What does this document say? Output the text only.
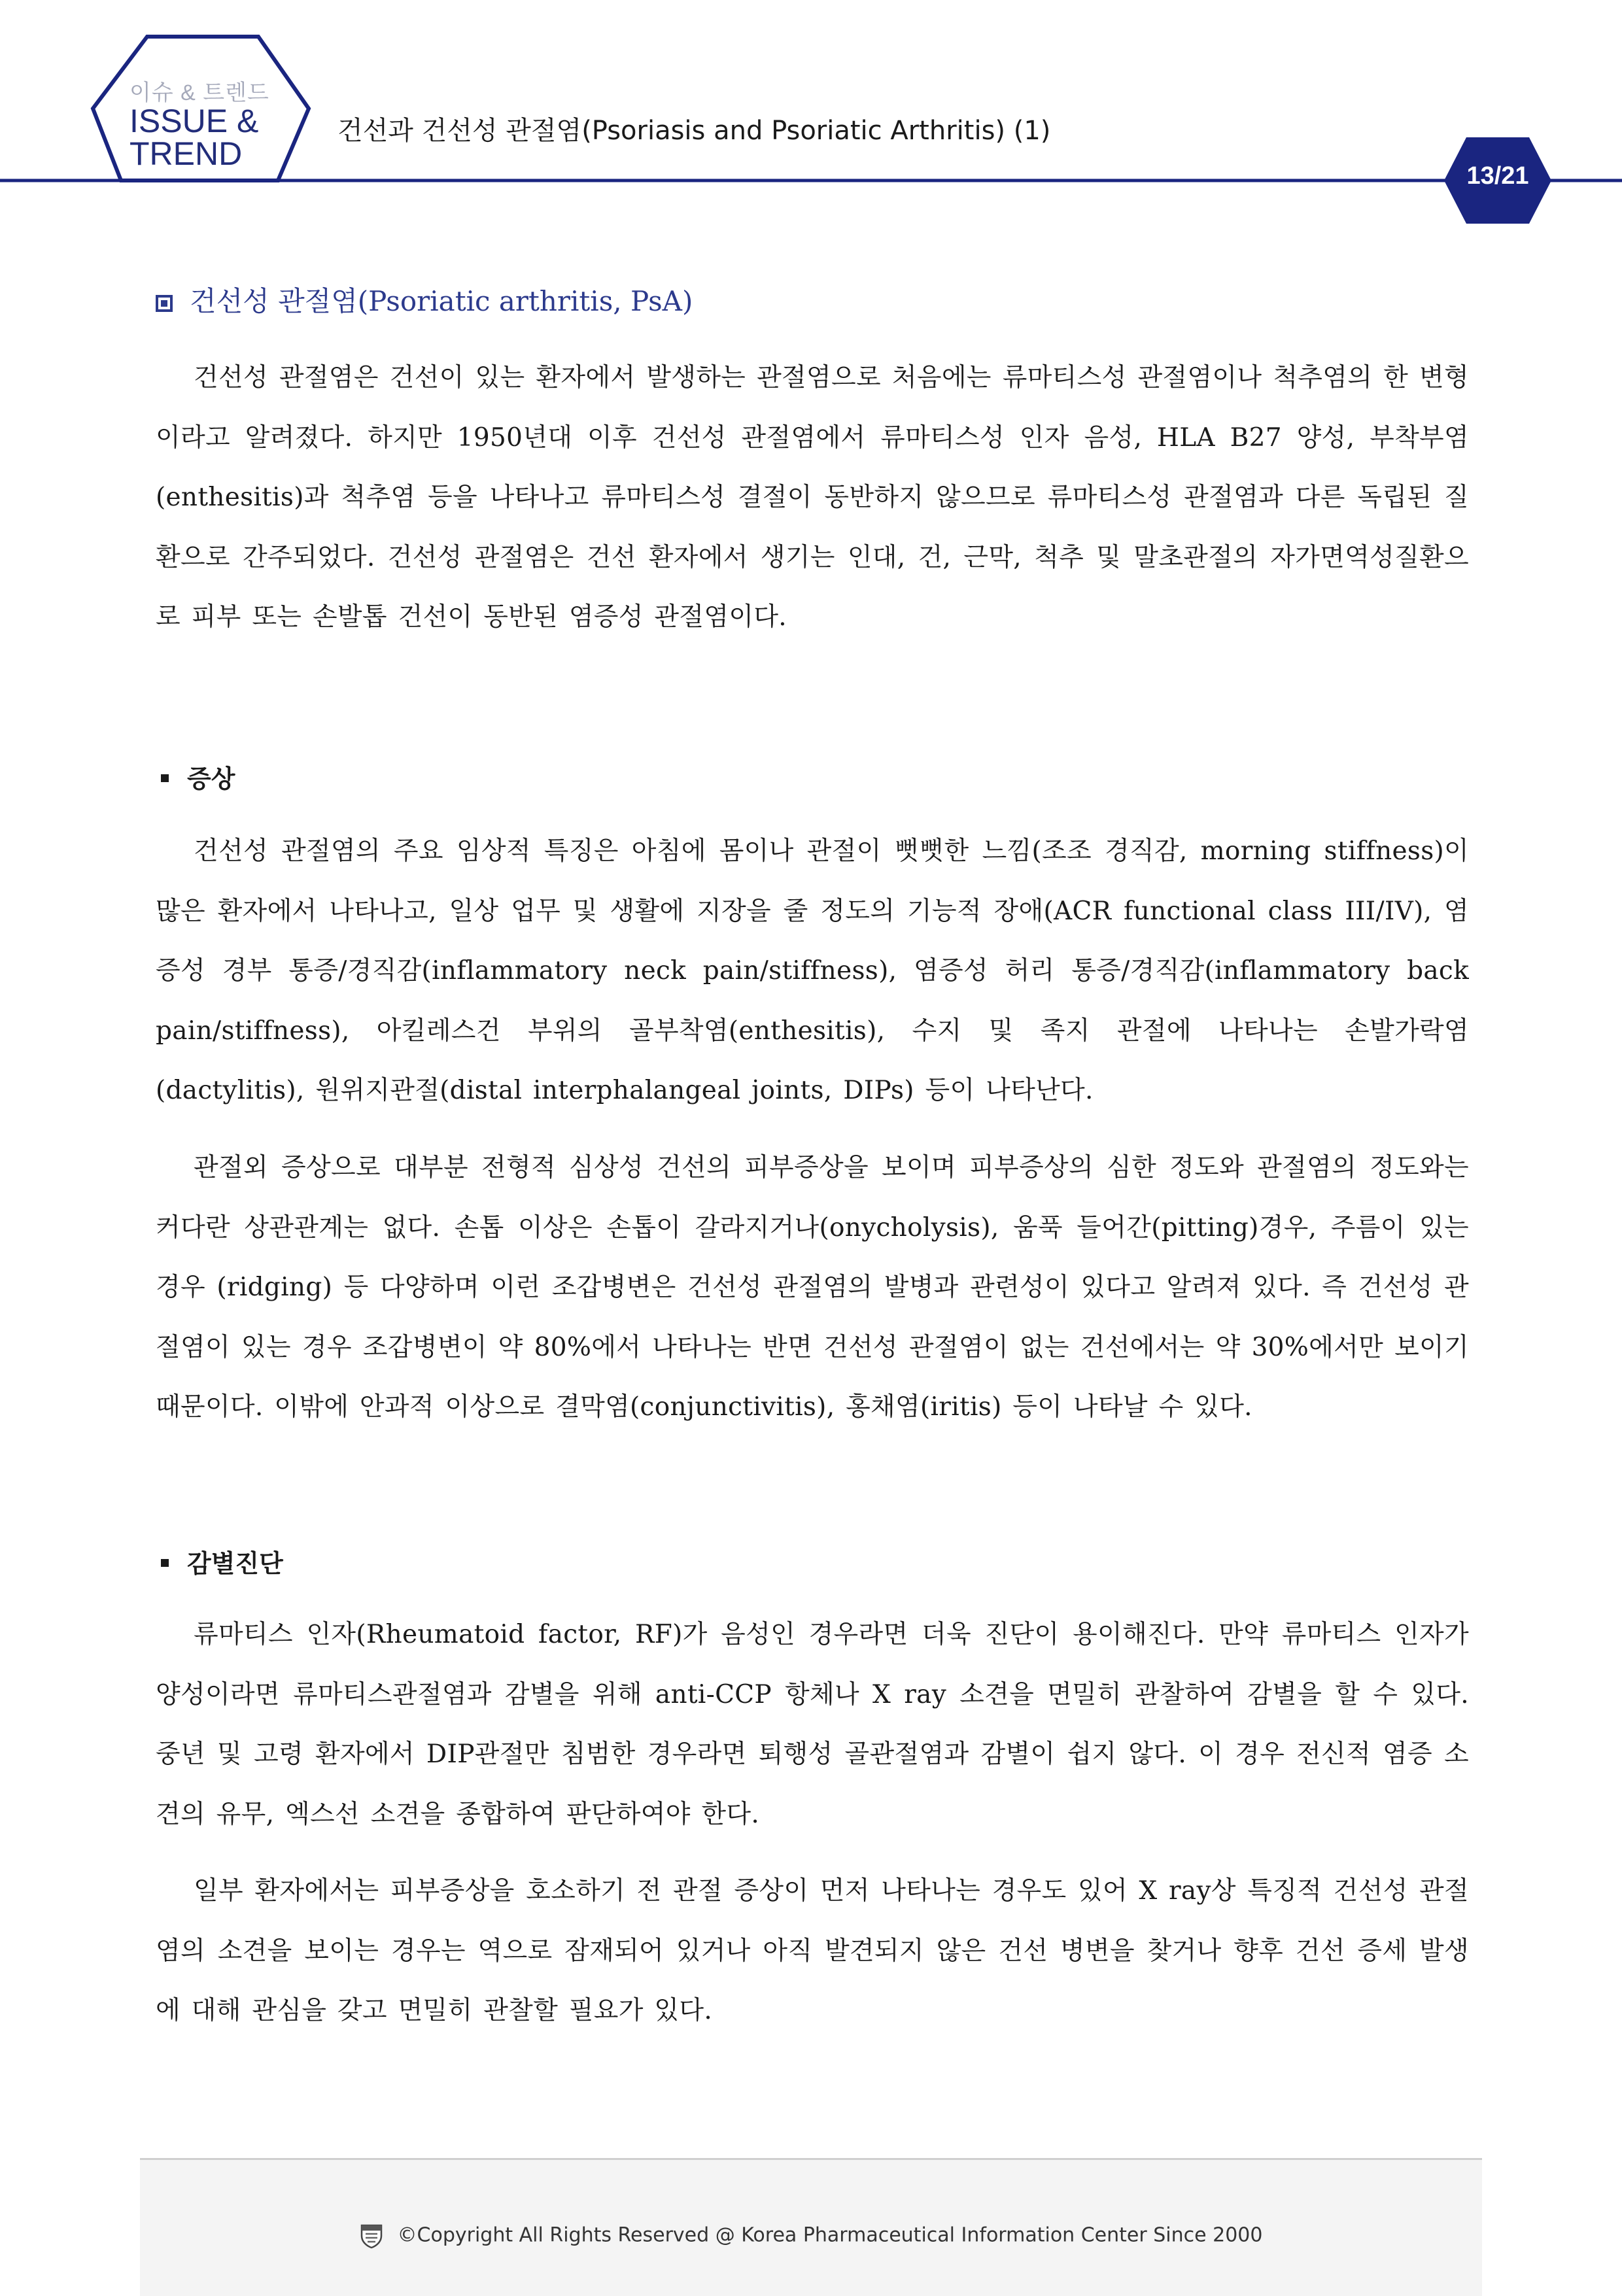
이슈 & 트렌드
ISSUE &
TREND
건선과 건선성 관절염(Psoriasis and Psoriatic Arthritis) (1)
13/21
건선성 관절염(Psoriatic arthritis, PsA)
건선성 관절염은 건선이 있는 환자에서 발생하는 관절염으로 처음에는 류마티스성 관절염이나 척추염의 한 변형이라고 알려졌다. 하지만 1950년대 이후 건선성 관절염에서 류마티스성 인자 음성, HLA B27 양성, 부착부염(enthesitis)과 척추염 등을 나타나고 류마티스성 결절이 동반하지 않으므로 류마티스성 관절염과 다른 독립된 질환으로 간주되었다. 건선성 관절염은 건선 환자에서 생기는 인대, 건, 근막, 척추 및 말초관절의 자가면역성질환으로 피부 또는 손발톱 건선이 동반된 염증성 관절염이다.
증상
건선성 관절염의 주요 임상적 특징은 아침에 몸이나 관절이 뻣뻣한 느낌(조조 경직감, morning stiffness)이 많은 환자에서 나타나고, 일상 업무 및 생활에 지장을 줄 정도의 기능적 장애(ACR functional class III/IV), 염증성 경부 통증/경직감(inflammatory neck pain/stiffness), 염증성 허리 통증/경직감(inflammatory back pain/stiffness), 아킬레스건 부위의 골부착염(enthesitis), 수지 및 족지 관절에 나타나는 손발가락염(dactylitis), 원위지관절(distal interphalangeal joints, DIPs) 등이 나타난다.
관절외 증상으로 대부분 전형적 심상성 건선의 피부증상을 보이며 피부증상의 심한 정도와 관절염의 정도와는 커다란 상관관계는 없다. 손톱 이상은 손톱이 갈라지거나(onycholysis), 움푹 들어간(pitting)경우, 주름이 있는 경우 (ridging) 등 다양하며 이런 조갑병변은 건선성 관절염의 발병과 관련성이 있다고 알려져 있다. 즉 건선성 관절염이 있는 경우 조갑병변이 약 80%에서 나타나는 반면 건선성 관절염이 없는 건선에서는 약 30%에서만 보이기 때문이다. 이밖에 안과적 이상으로 결막염(conjunctivitis), 홍채염(iritis) 등이 나타날 수 있다.
감별진단
류마티스 인자(Rheumatoid factor, RF)가 음성인 경우라면 더욱 진단이 용이해진다. 만약 류마티스 인자가 양성이라면 류마티스관절염과 감별을 위해 anti-CCP 항체나 X ray 소견을 면밀히 관찰하여 감별을 할 수 있다. 중년 및 고령 환자에서 DIP관절만 침범한 경우라면 퇴행성 골관절염과 감별이 쉽지 않다. 이 경우 전신적 염증 소견의 유무, 엑스선 소견을 종합하여 판단하여야 한다.
일부 환자에서는 피부증상을 호소하기 전 관절 증상이 먼저 나타나는 경우도 있어 X ray상 특징적 건선성 관절염의 소견을 보이는 경우는 역으로 잠재되어 있거나 아직 발견되지 않은 건선 병변을 찾거나 향후 건선 증세 발생에 대해 관심을 갖고 면밀히 관찰할 필요가 있다.
©Copyright All Rights Reserved @ Korea Pharmaceutical Information Center Since 2000
